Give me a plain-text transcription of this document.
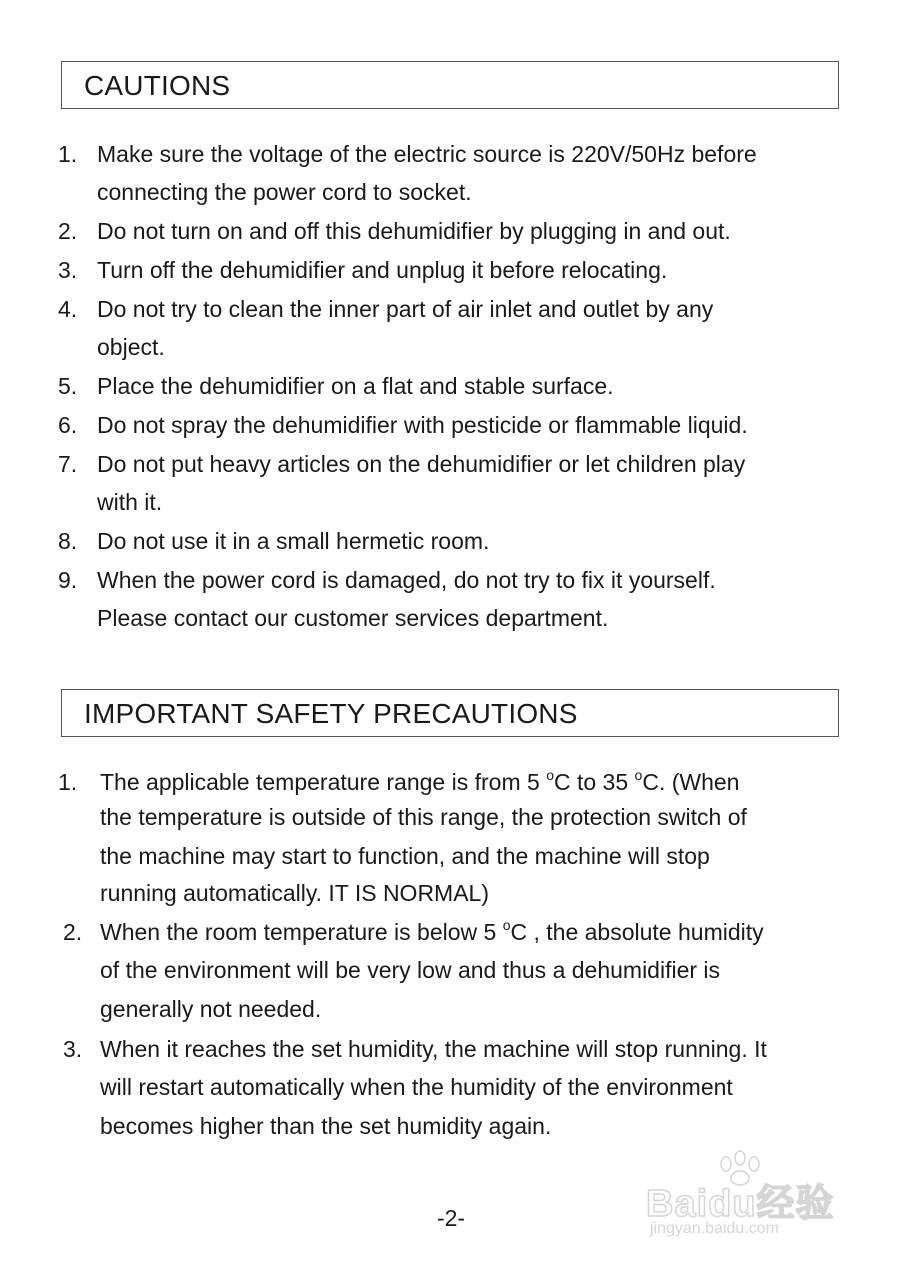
CAUTIONS
1. Make sure the voltage of the electric source is 220V/50Hz before
connecting the power cord to socket.
2. Do not turn on and off this dehumidifier by plugging in and out.
3. Turn off the dehumidifier and unplug it before relocating.
4. Do not try to clean the inner part of air inlet and outlet by any
object.
5. Place the dehumidifier on a flat and stable surface.
6. Do not spray the dehumidifier with pesticide or flammable liquid.
7. Do not put heavy articles on the dehumidifier or let children play
with it.
8. Do not use it in a small hermetic room.
9. When the power cord is damaged, do not try to fix it yourself.
Please contact our customer services department.
IMPORTANT SAFETY PRECAUTIONS
1. The applicable temperature range is from 5 $^o$C to 35 $^o$C. (When
the temperature is outside of this range, the protection switch of
the machine may start to function, and the machine will stop
running automatically. IT IS NORMAL)
2. When the room temperature is below 5 $^o$C , the absolute humidity
of the environment will be very low and thus a dehumidifier is
generally not needed.
3. When it reaches the set humidity, the machine will stop running. It
will restart automatically when the humidity of the environment
becomes higher than the set humidity again.
-2-	Baidu经验
jingyan.baidu.com
